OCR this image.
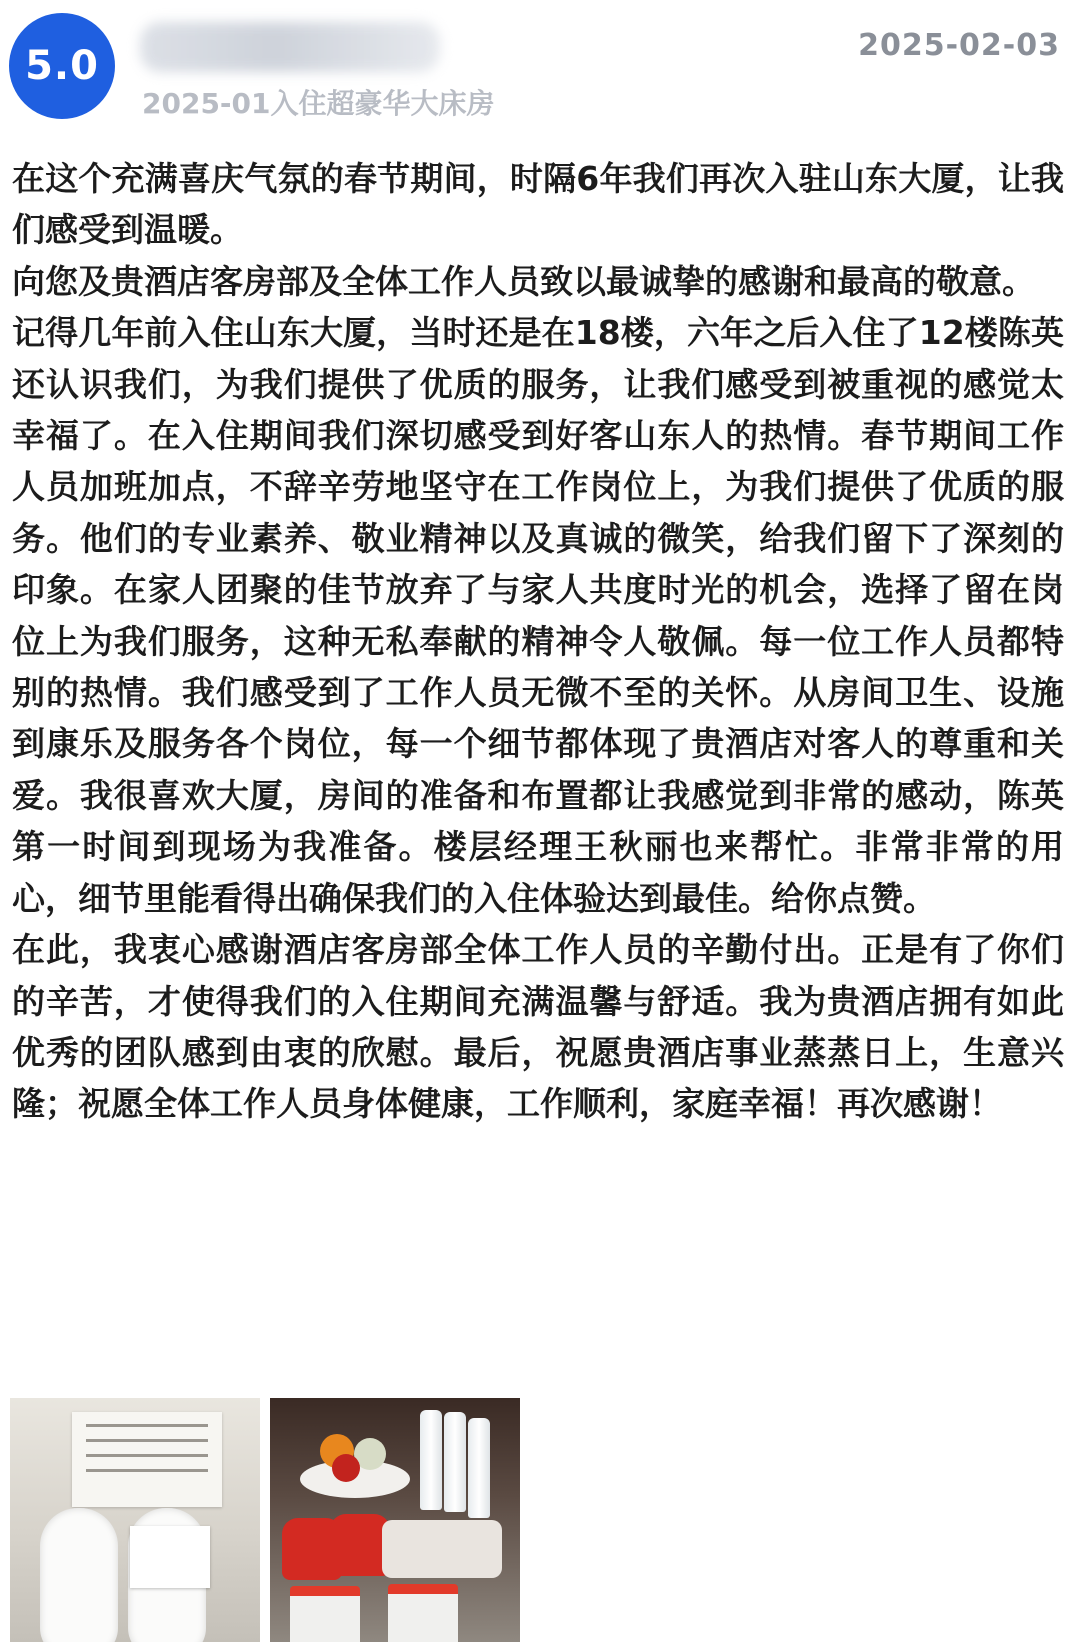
5.0
2025-01入住超豪华大床房
2025-02-03

在这个充满喜庆气氛的春节期间，时隔6年我们再次入驻山东大厦，让我们感受到温暖。

向您及贵酒店客房部及全体工作人员致以最诚挚的感谢和最高的敬意。

记得几年前入住山东大厦，当时还是在18楼，六年之后入住了12楼陈英还认识我们，为我们提供了优质的服务，让我们感受到被重视的感觉太幸福了。在入住期间我们深切感受到好客山东人的热情。春节期间工作人员加班加点，不辞辛劳地坚守在工作岗位上，为我们提供了优质的服务。他们的专业素养、敬业精神以及真诚的微笑，给我们留下了深刻的印象。在家人团聚的佳节放弃了与家人共度时光的机会，选择了留在岗位上为我们服务，这种无私奉献的精神令人敬佩。每一位工作人员都特别的热情。我们感受到了工作人员无微不至的关怀。从房间卫生、设施到康乐及服务各个岗位，每一个细节都体现了贵酒店对客人的尊重和关爱。我很喜欢大厦，房间的准备和布置都让我感觉到非常的感动，陈英第一时间到现场为我准备。楼层经理王秋丽也来帮忙。非常非常的用心，细节里能看得出确保我们的入住体验达到最佳。给你点赞。

在此，我衷心感谢酒店客房部全体工作人员的辛勤付出。正是有了你们的辛苦，才使得我们的入住期间充满温馨与舒适。我为贵酒店拥有如此优秀的团队感到由衷的欣慰。最后，祝愿贵酒店事业蒸蒸日上，生意兴隆；祝愿全体工作人员身体健康，工作顺利，家庭幸福！再次感谢！
